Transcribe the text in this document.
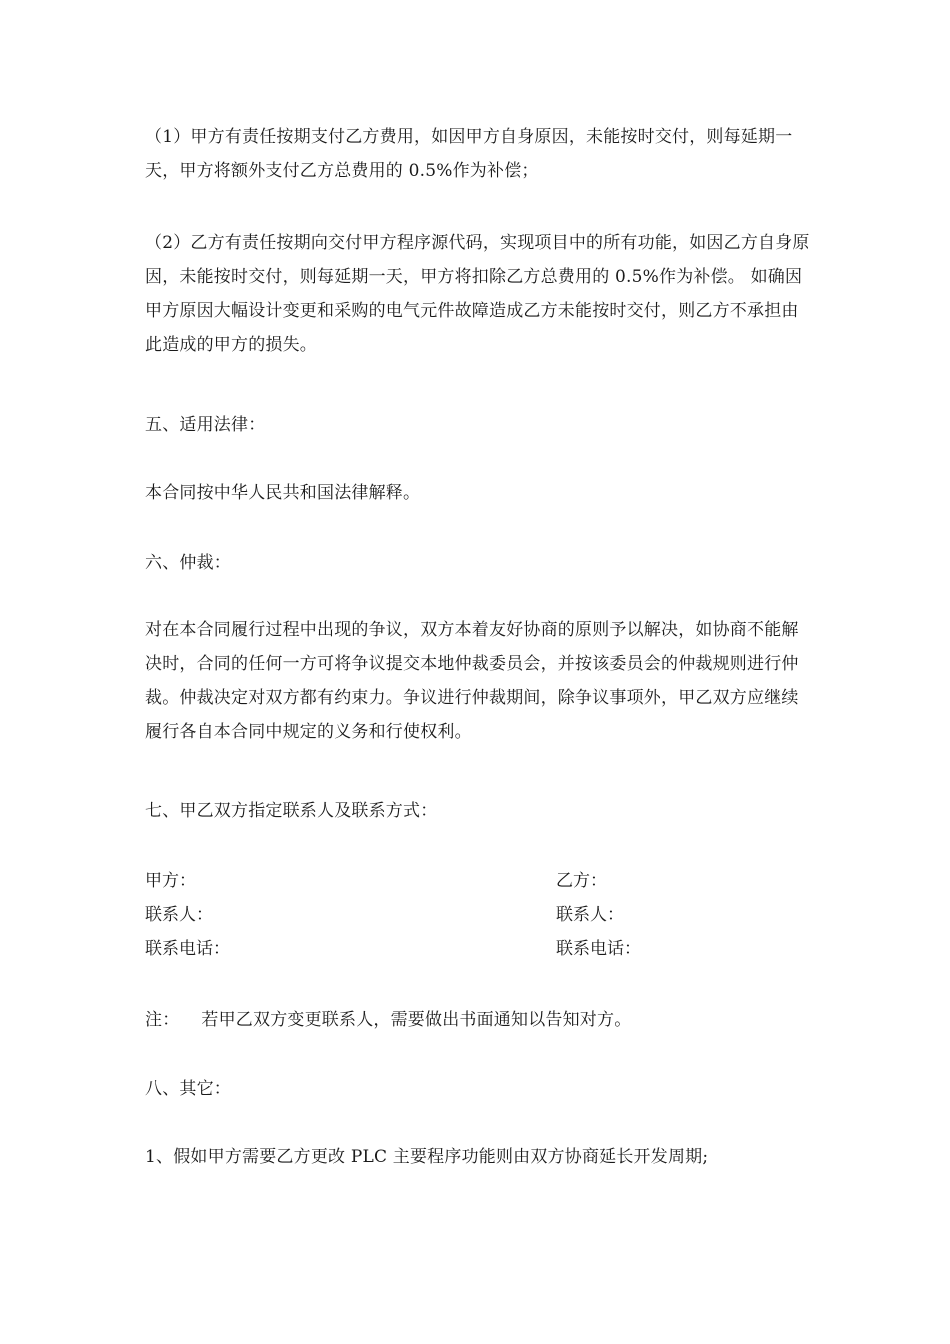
（1）甲方有责任按期支付乙方费用，如因甲方自身原因，未能按时交付，则每延期一天，甲方将额外支付乙方总费用的 0.5%作为补偿；

（2）乙方有责任按期向交付甲方程序源代码，实现项目中的所有功能，如因乙方自身原因，未能按时交付，则每延期一天，甲方将扣除乙方总费用的 0.5%作为补偿。 如确因甲方原因大幅设计变更和采购的电气元件故障造成乙方未能按时交付，则乙方不承担由此造成的甲方的损失。

五、适用法律：

本合同按中华人民共和国法律解释。

六、仲裁：

对在本合同履行过程中出现的争议，双方本着友好协商的原则予以解决，如协商不能解决时，合同的任何一方可将争议提交本地仲裁委员会，并按该委员会的仲裁规则进行仲裁。仲裁决定对双方都有约束力。争议进行仲裁期间，除争议事项外，甲乙双方应继续履行各自本合同中规定的义务和行使权利。

七、甲乙双方指定联系人及联系方式：

甲方：
联系人：
联系电话：
乙方：
联系人：
联系电话：

注： 若甲乙双方变更联系人，需要做出书面通知以告知对方。

八、其它：

1、假如甲方需要乙方更改 PLC 主要程序功能则由双方协商延长开发周期;
